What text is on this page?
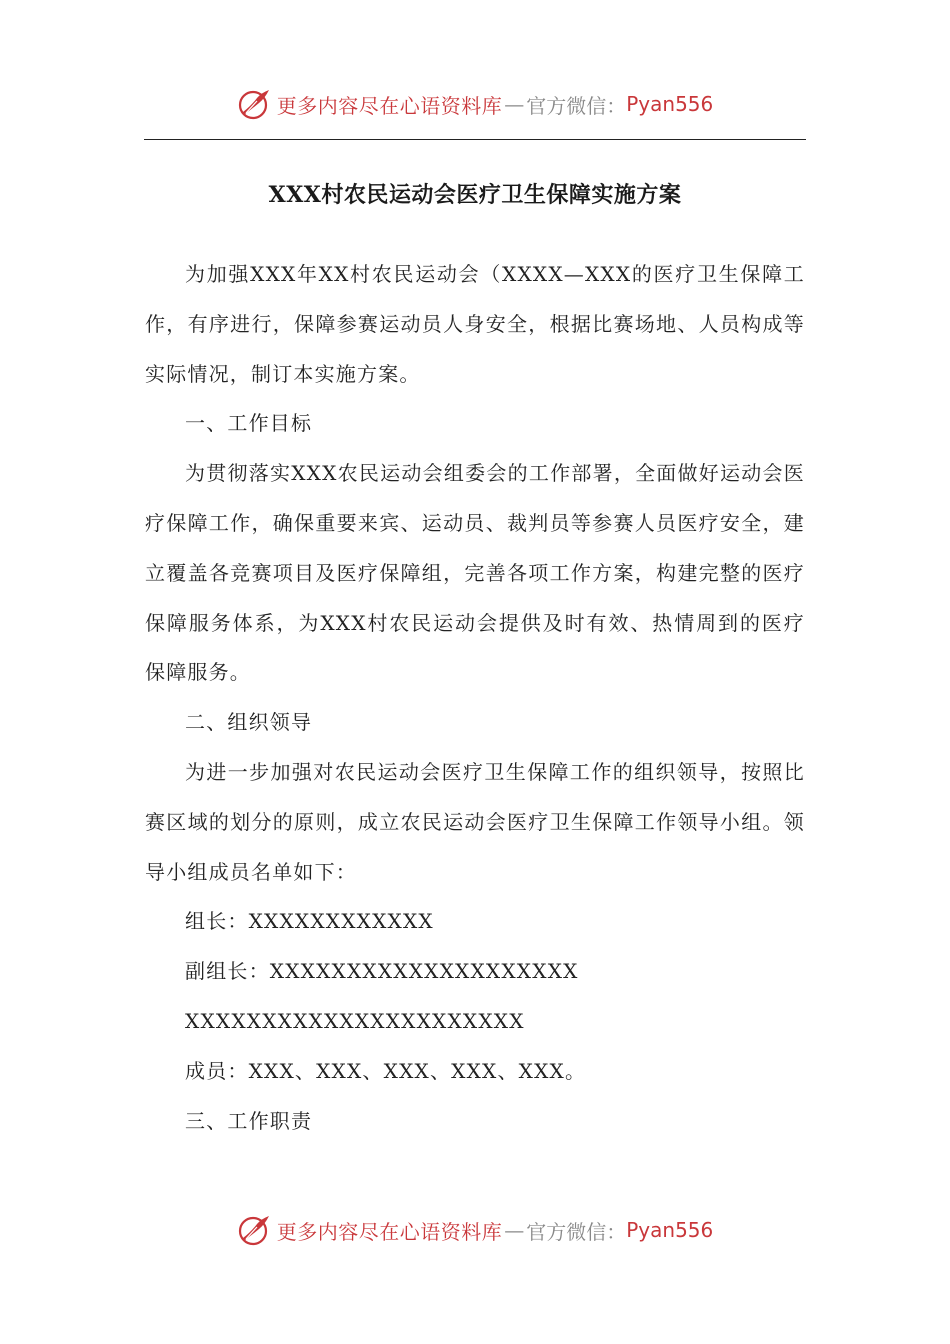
更多内容尽在心语资料库 — 官方微信： Pyan556
XXX村农民运动会医疗卫生保障实施方案

为加强XXX年XX村农民运动会（XXXX—XXX的医疗卫生保障工作，有序进行，保障参赛运动员人身安全，根据比赛场地、人员构成等实际情况，制订本实施方案。

一、工作目标

为贯彻落实XXX农民运动会组委会的工作部署，全面做好运动会医疗保障工作，确保重要来宾、运动员、裁判员等参赛人员医疗安全，建立覆盖各竞赛项目及医疗保障组，完善各项工作方案，构建完整的医疗保障服务体系，为XXX村农民运动会提供及时有效、热情周到的医疗保障服务。

二、组织领导

为进一步加强对农民运动会医疗卫生保障工作的组织领导，按照比赛区域的划分的原则，成立农民运动会医疗卫生保障工作领导小组。领导小组成员名单如下：

组长：XXXXXXXXXXXX

副组长：XXXXXXXXXXXXXXXXXXXX

XXXXXXXXXXXXXXXXXXXXXX

成员：XXX、XXX、XXX、XXX、XXX。

三、工作职责

更多内容尽在心语资料库 — 官方微信： Pyan556
